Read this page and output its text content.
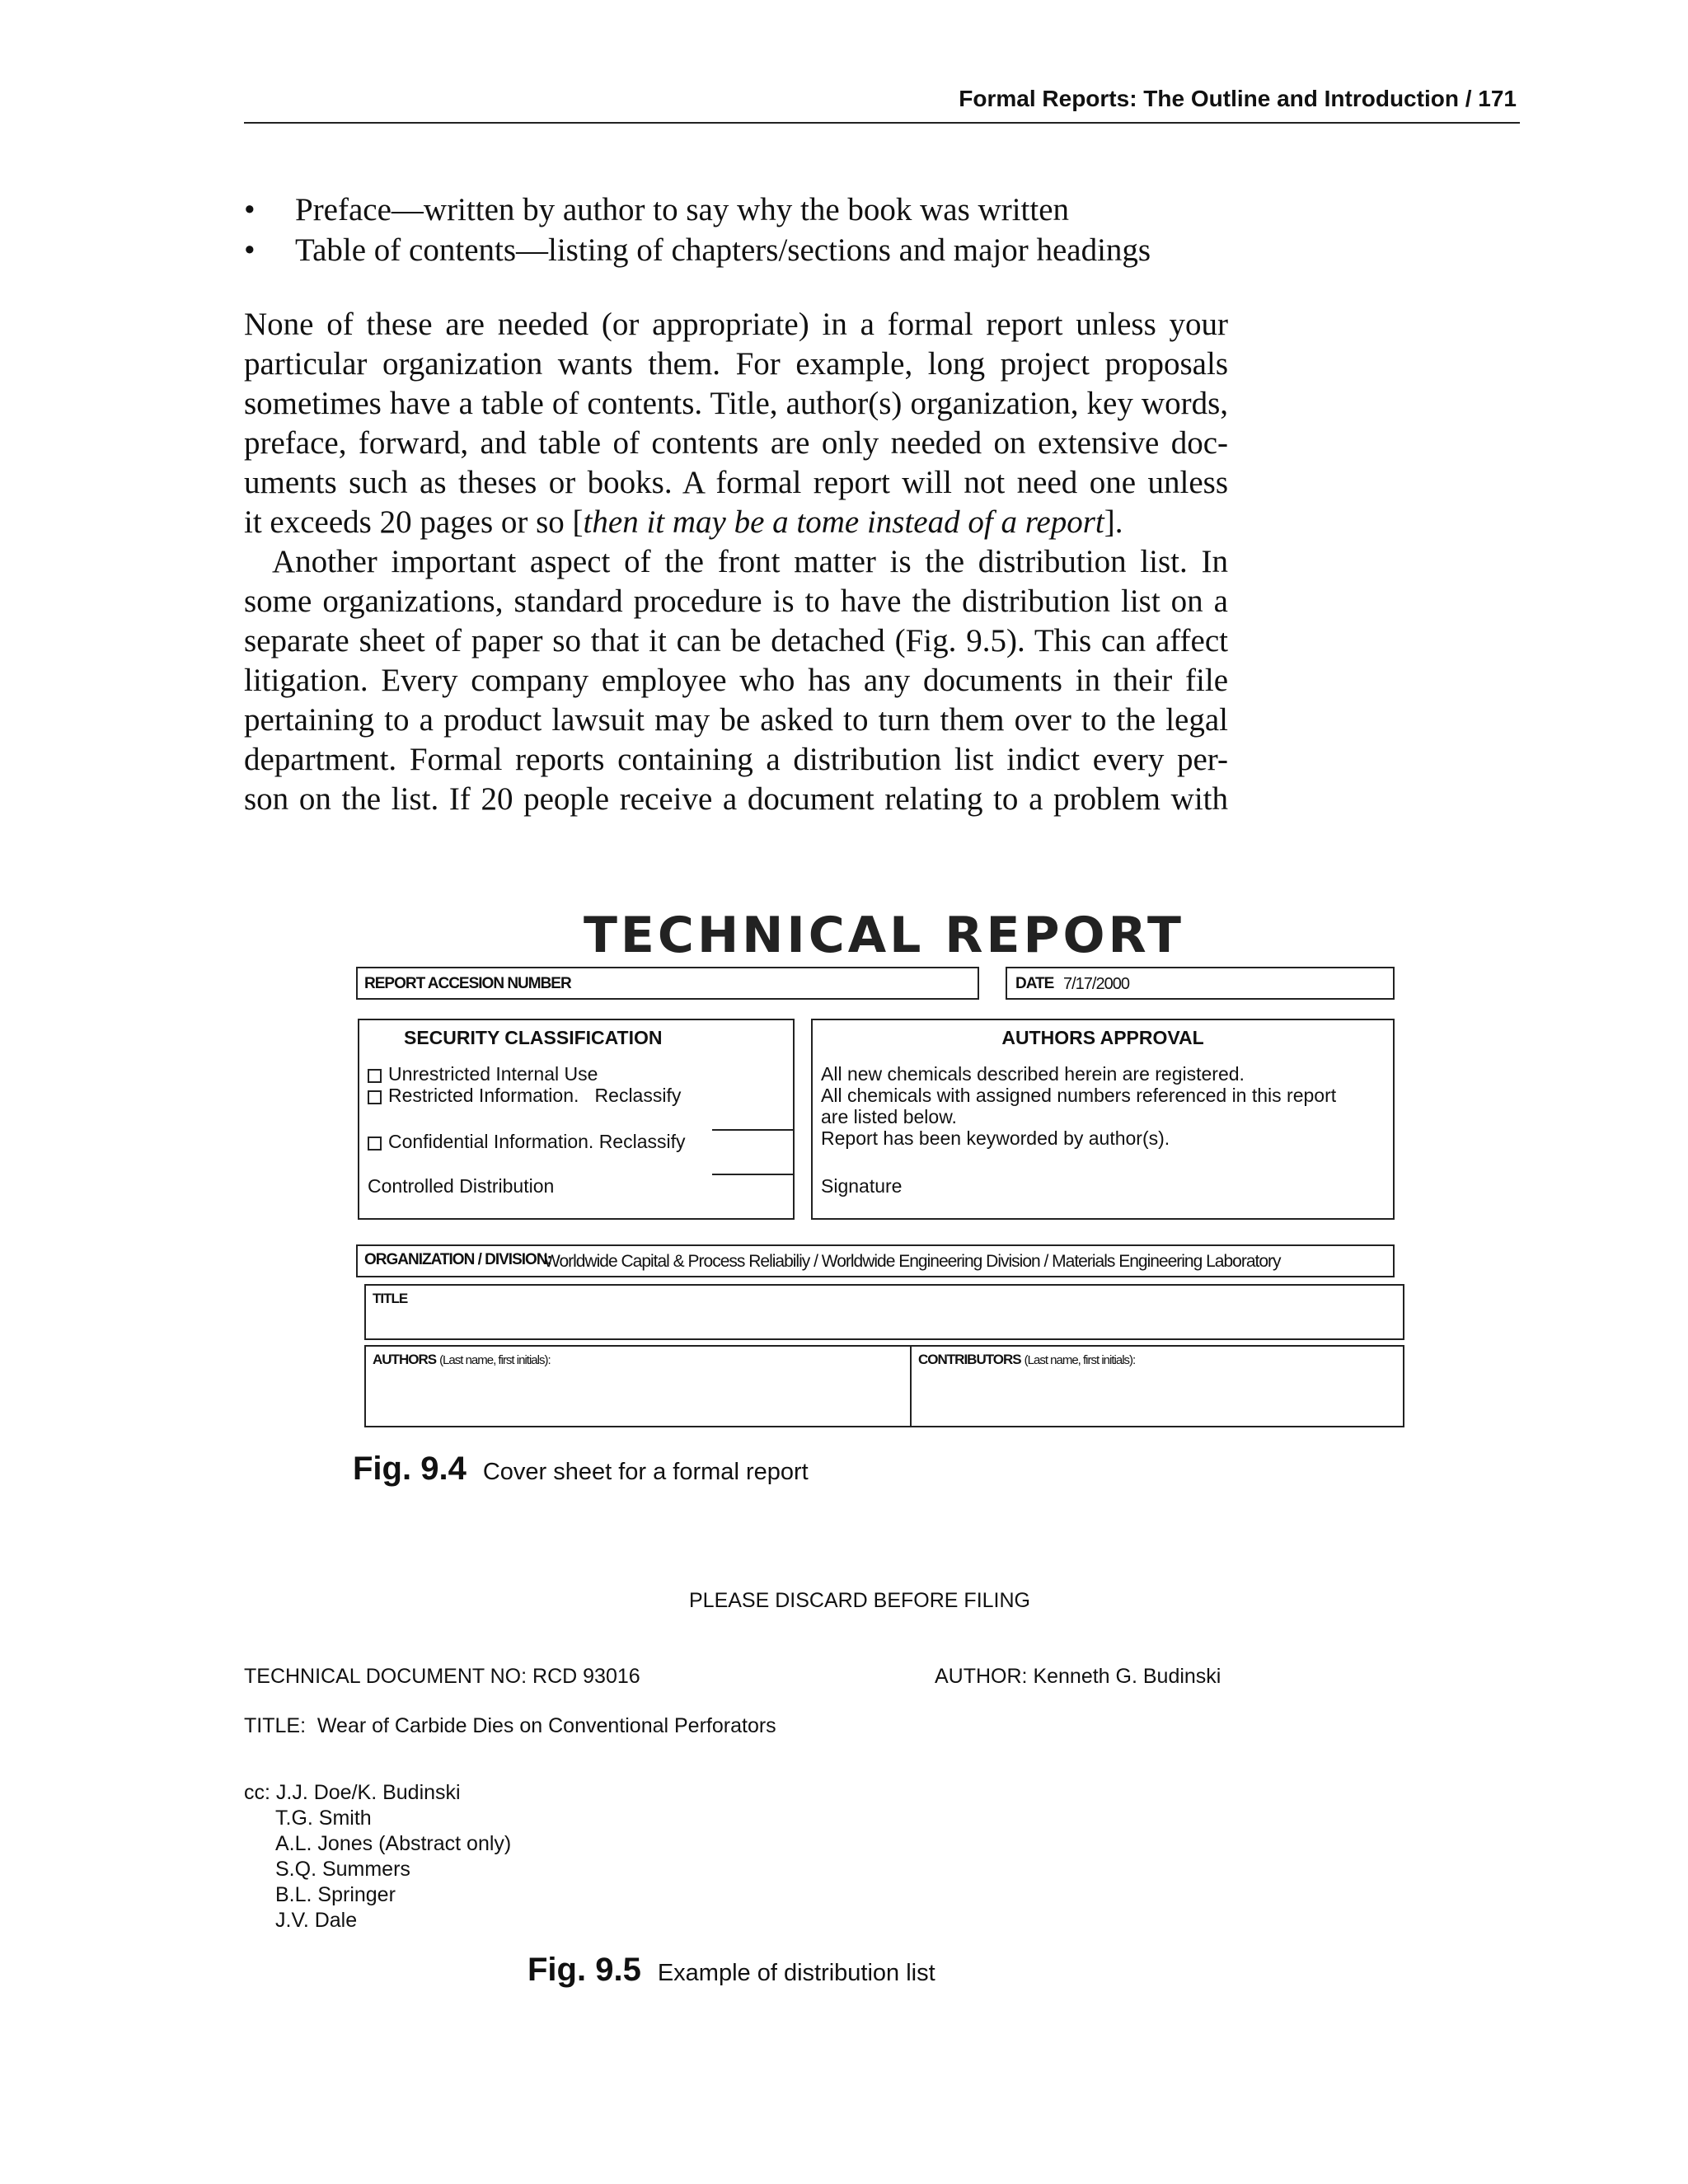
Formal Reports: The Outline and Introduction / 171
•	Preface—written by author to say why the book was written
•	Table of contents—listing of chapters/sections and major headings
None of these are needed (or appropriate) in a formal report unless your
particular organization wants them. For example, long project proposals
sometimes have a table of contents. Title, author(s) organization, key words,
preface, forward, and table of contents are only needed on extensive doc-
uments such as theses or books. A formal report will not need one unless
it exceeds 20 pages or so [then it may be a tome instead of a report].
Another important aspect of the front matter is the distribution list. In
some organizations, standard procedure is to have the distribution list on a
separate sheet of paper so that it can be detached (Fig. 9.5). This can affect
litigation. Every company employee who has any documents in their file
pertaining to a product lawsuit may be asked to turn them over to the legal
department. Formal reports containing a distribution list indict every per-
son on the list. If 20 people receive a document relating to a problem with
TECHNICAL REPORT
REPORT ACCESION NUMBER	DATE 7/17/2000
SECURITY CLASSIFICATION
Unrestricted Internal Use
Restricted Information.   Reclassify
Confidential Information. Reclassify
Controlled Distribution
AUTHORS APPROVAL
All new chemicals described herein are registered.
All chemicals with assigned numbers referenced in this report
are listed below.
Report has been keyworded by author(s).
Signature
ORGANIZATION / DIVISION:
Worldwide Capital & Process Reliabiliy / Worldwide Engineering Division / Materials Engineering Laboratory
TITLE
AUTHORS (Last name, first initials):	CONTRIBUTORS (Last name, first initials):
Fig. 9.4 Cover sheet for a formal report
PLEASE DISCARD BEFORE FILING
TECHNICAL DOCUMENT NO: RCD 93016	AUTHOR: Kenneth G. Budinski
TITLE:  Wear of Carbide Dies on Conventional Perforators
cc: J.J. Doe/K. Budinski
T.G. Smith
A.L. Jones (Abstract only)
S.Q. Summers
B.L. Springer
J.V. Dale
Fig. 9.5 Example of distribution list
